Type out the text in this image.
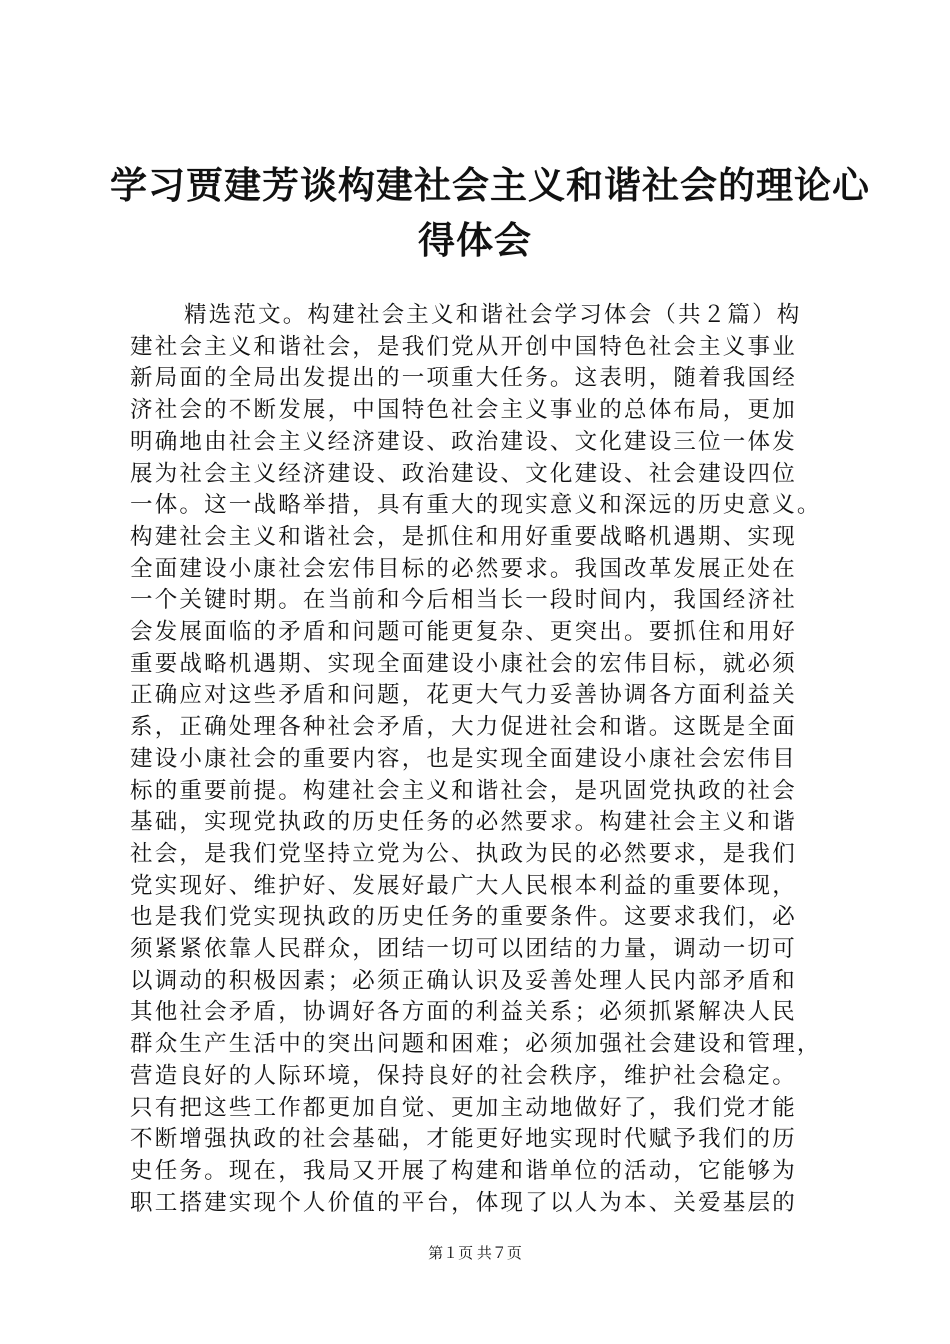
学习贾建芳谈构建社会主义和谐社会的理论心
得体会
精选范文。构建社会主义和谐社会学习体会（共２篇）构
建社会主义和谐社会，是我们党从开创中国特色社会主义事业
新局面的全局出发提出的一项重大任务。这表明，随着我国经
济社会的不断发展，中国特色社会主义事业的总体布局，更加
明确地由社会主义经济建设、政治建设、文化建设三位一体发
展为社会主义经济建设、政治建设、文化建设、社会建设四位
一体。这一战略举措，具有重大的现实意义和深远的历史意义。
构建社会主义和谐社会，是抓住和用好重要战略机遇期、实现
全面建设小康社会宏伟目标的必然要求。我国改革发展正处在
一个关键时期。在当前和今后相当长一段时间内，我国经济社
会发展面临的矛盾和问题可能更复杂、更突出。要抓住和用好
重要战略机遇期、实现全面建设小康社会的宏伟目标，就必须
正确应对这些矛盾和问题，花更大气力妥善协调各方面利益关
系，正确处理各种社会矛盾，大力促进社会和谐。这既是全面
建设小康社会的重要内容，也是实现全面建设小康社会宏伟目
标的重要前提。构建社会主义和谐社会，是巩固党执政的社会
基础，实现党执政的历史任务的必然要求。构建社会主义和谐
社会，是我们党坚持立党为公、执政为民的必然要求，是我们
党实现好、维护好、发展好最广大人民根本利益的重要体现，
也是我们党实现执政的历史任务的重要条件。这要求我们，必
须紧紧依靠人民群众，团结一切可以团结的力量，调动一切可
以调动的积极因素；必须正确认识及妥善处理人民内部矛盾和
其他社会矛盾，协调好各方面的利益关系；必须抓紧解决人民
群众生产生活中的突出问题和困难；必须加强社会建设和管理，
营造良好的人际环境，保持良好的社会秩序，维护社会稳定。
只有把这些工作都更加自觉、更加主动地做好了，我们党才能
不断增强执政的社会基础，才能更好地实现时代赋予我们的历
史任务。现在，我局又开展了构建和谐单位的活动，它能够为
职工搭建实现个人价值的平台，体现了以人为本、关爱基层的
第１页 共７页
